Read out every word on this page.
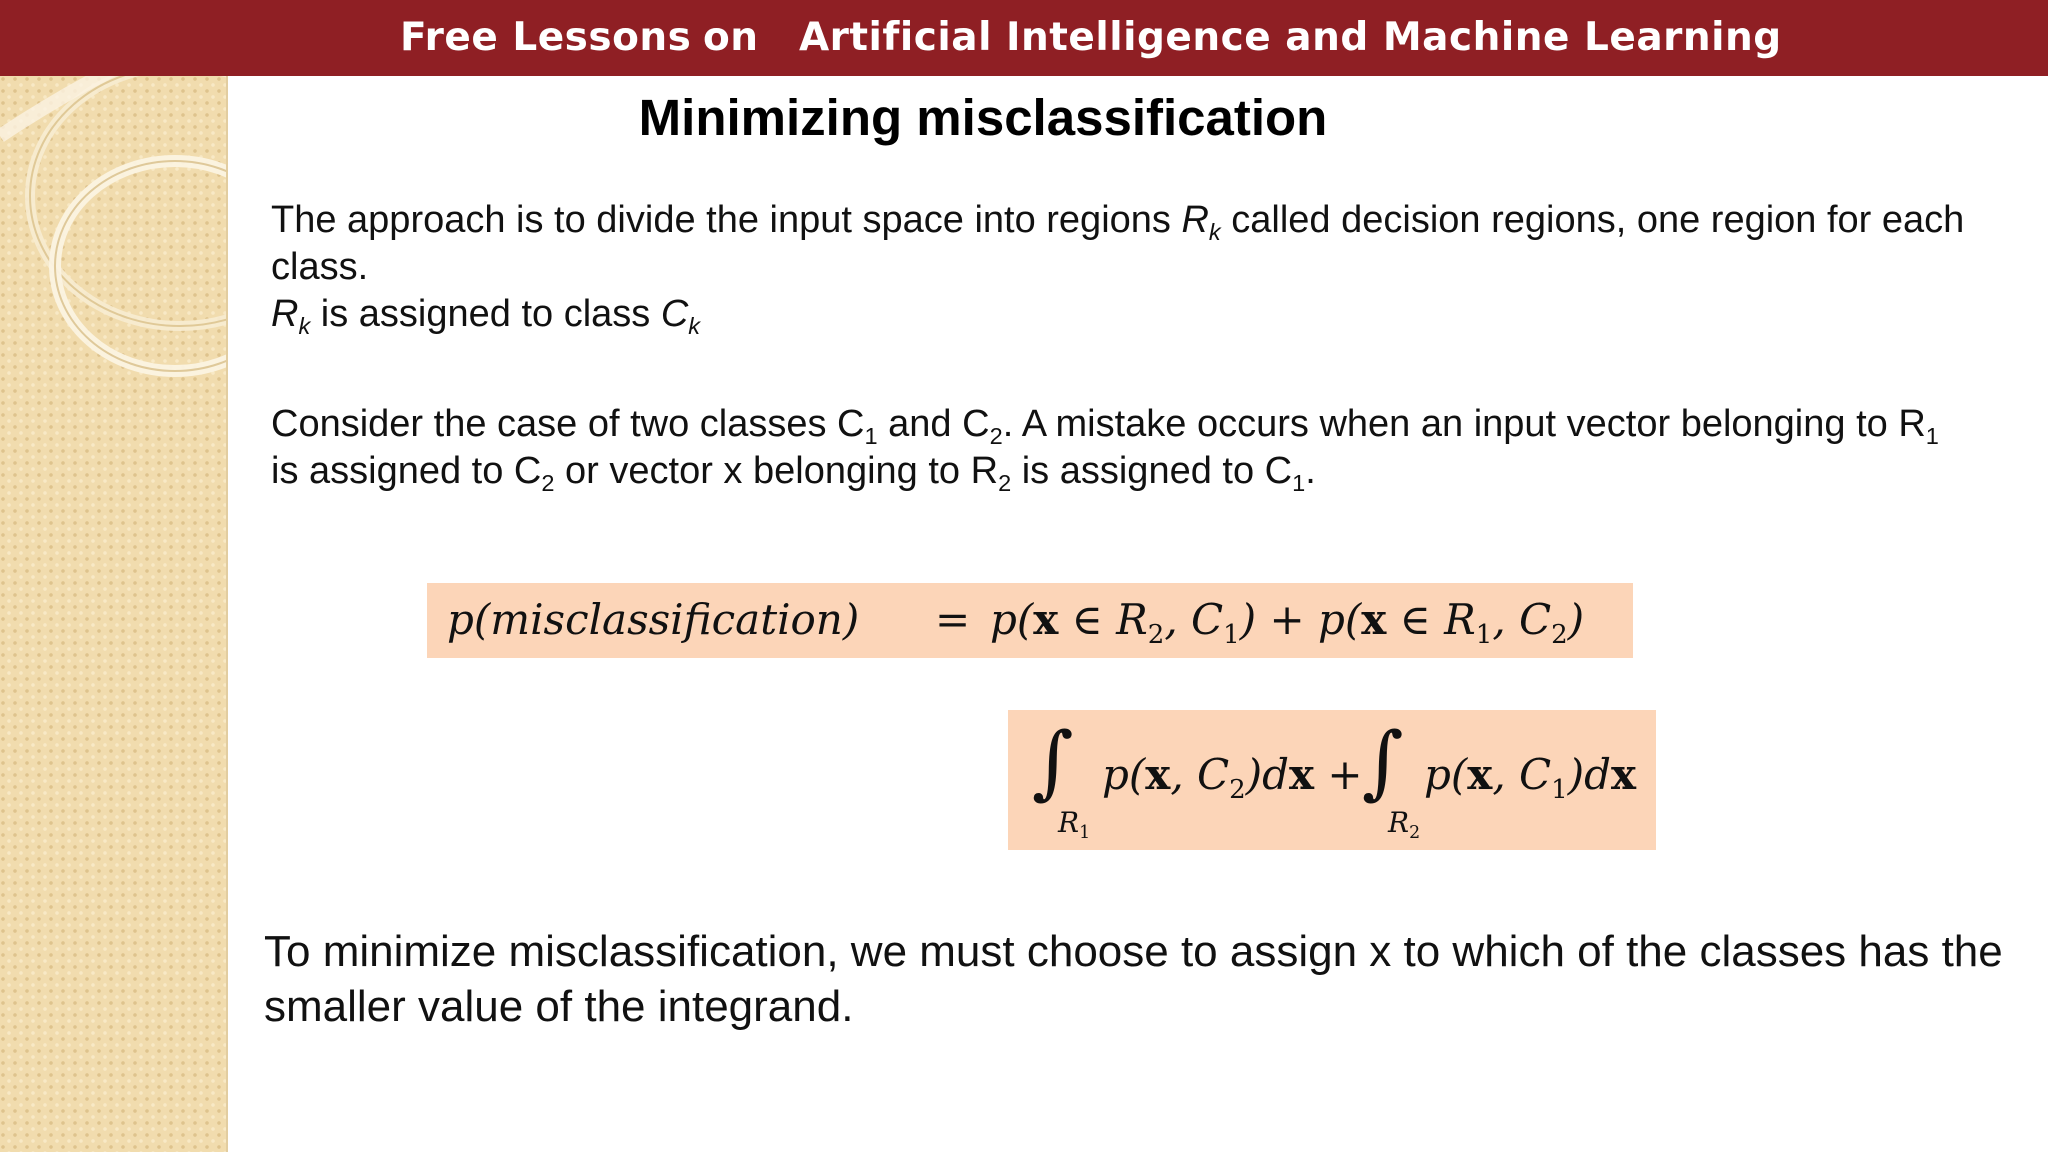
Free Lessons on Artificial Intelligence and Machine Learning
Minimizing misclassification

The approach is to divide the input space into regions $R_k$ called decision regions, one region for each class.
$R_k$ is assigned to class $C_k$

Consider the case of two classes $C_1$ and $C_2$. A mistake occurs when an input vector belonging to $R_1$ is assigned to $C_2$ or vector x belonging to $R_2$ is assigned to $C_1$.

p(misclassification) = p(x ∈ $R_2$, $C_1) + p(x$ ∈ $R_1$, $C_2$)
∫
$R_1$
p(x, $C_2)dx$ + ∫
$R_2$
p(x, $C_1)dx$

To minimize misclassification, we must choose to assign x to which of the classes has the smaller value of the integrand.
